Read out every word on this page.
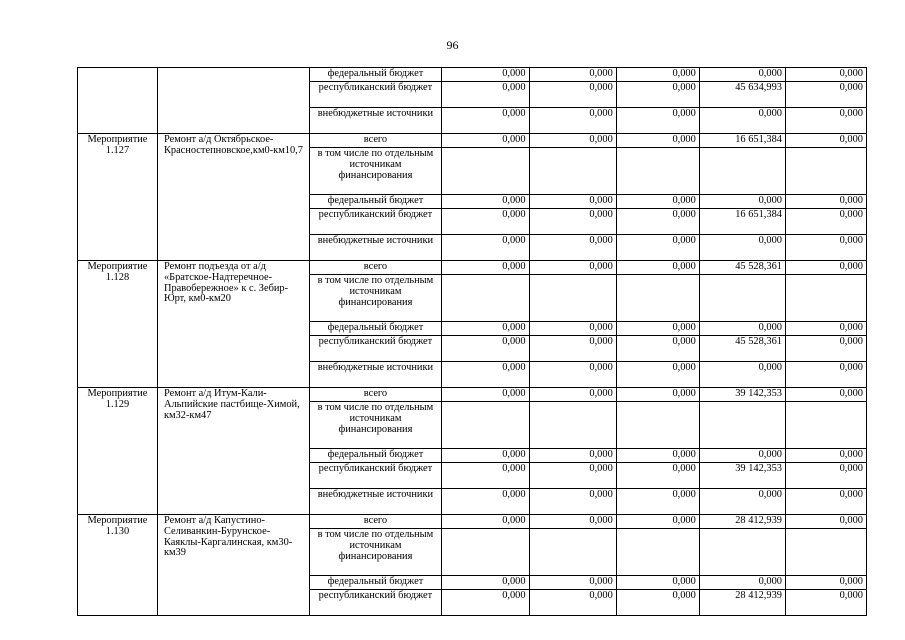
96
		федеральный бюджет	0,000	0,000	0,000	0,000	0,000
		республиканский бюджет	0,000	0,000	0,000	45 634,993	0,000
		внебюджетные источники	0,000	0,000	0,000	0,000	0,000
Мероприятие 1.127	Ремонт а/д Октябрьское-Красностепновское,км0-км10,7	всего	0,000	0,000	0,000	16 651,384	0,000
		в том числе по отдельным источникам финансирования					
		федеральный бюджет	0,000	0,000	0,000	0,000	0,000
		республиканский бюджет	0,000	0,000	0,000	16 651,384	0,000
		внебюджетные источники	0,000	0,000	0,000	0,000	0,000
Мероприятие 1.128	Ремонт подъезда от а/д «Братское-Надтеречное-Правобережное» к с. Зебир-Юрт, км0-км20	всего	0,000	0,000	0,000	45 528,361	0,000
		в том числе по отдельным источникам финансирования					
		федеральный бюджет	0,000	0,000	0,000	0,000	0,000
		республиканский бюджет	0,000	0,000	0,000	45 528,361	0,000
		внебюджетные источники	0,000	0,000	0,000	0,000	0,000
Мероприятие 1.129	Ремонт а/д Итум-Кали-Альпийские пастбище-Химой, км32-км47	всего	0,000	0,000	0,000	39 142,353	0,000
		в том числе по отдельным источникам финансирования					
		федеральный бюджет	0,000	0,000	0,000	0,000	0,000
		республиканский бюджет	0,000	0,000	0,000	39 142,353	0,000
		внебюджетные источники	0,000	0,000	0,000	0,000	0,000
Мероприятие 1.130	Ремонт а/д Капустино-Селиванкин-Бурунское-Каяклы-Каргалинская, км30-км39	всего	0,000	0,000	0,000	28 412,939	0,000
		в том числе по отдельным источникам финансирования					
		федеральный бюджет	0,000	0,000	0,000	0,000	0,000
		республиканский бюджет	0,000	0,000	0,000	28 412,939	0,000
